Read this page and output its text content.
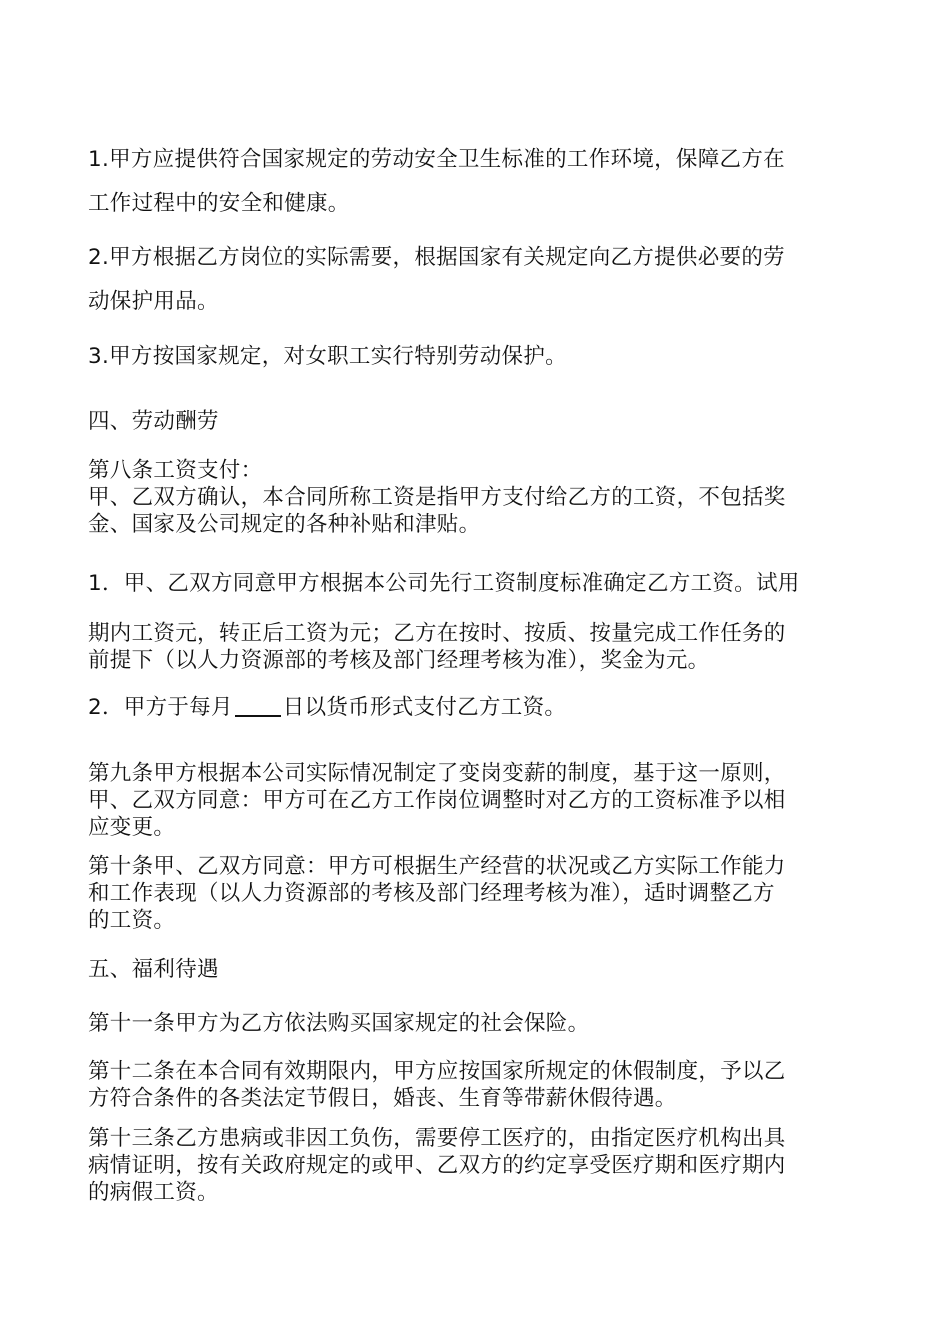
1.甲方应提供符合国家规定的劳动安全卫生标准的工作环境，保障乙方在
工作过程中的安全和健康。
2.甲方根据乙方岗位的实际需要，根据国家有关规定向乙方提供必要的劳
动保护用品。
3.甲方按国家规定，对女职工实行特别劳动保护。
四、劳动酬劳
第八条工资支付：
甲、乙双方确认，本合同所称工资是指甲方支付给乙方的工资，不包括奖
金、国家及公司规定的各种补贴和津贴。
1．甲、乙双方同意甲方根据本公司先行工资制度标准确定乙方工资。试用
期内工资元，转正后工资为元；乙方在按时、按质、按量完成工作任务的
前提下（以人力资源部的考核及部门经理考核为准），奖金为元。
2．甲方于每月 日以货币形式支付乙方工资。
第九条甲方根据本公司实际情况制定了变岗变薪的制度，基于这一原则，
甲、乙双方同意：甲方可在乙方工作岗位调整时对乙方的工资标准予以相
应变更。
第十条甲、乙双方同意：甲方可根据生产经营的状况或乙方实际工作能力
和工作表现（以人力资源部的考核及部门经理考核为准），适时调整乙方
的工资。
五、福利待遇
第十一条甲方为乙方依法购买国家规定的社会保险。
第十二条在本合同有效期限内，甲方应按国家所规定的休假制度，予以乙
方符合条件的各类法定节假日，婚丧、生育等带薪休假待遇。
第十三条乙方患病或非因工负伤，需要停工医疗的，由指定医疗机构出具
病情证明，按有关政府规定的或甲、乙双方的约定享受医疗期和医疗期内
的病假工资。
